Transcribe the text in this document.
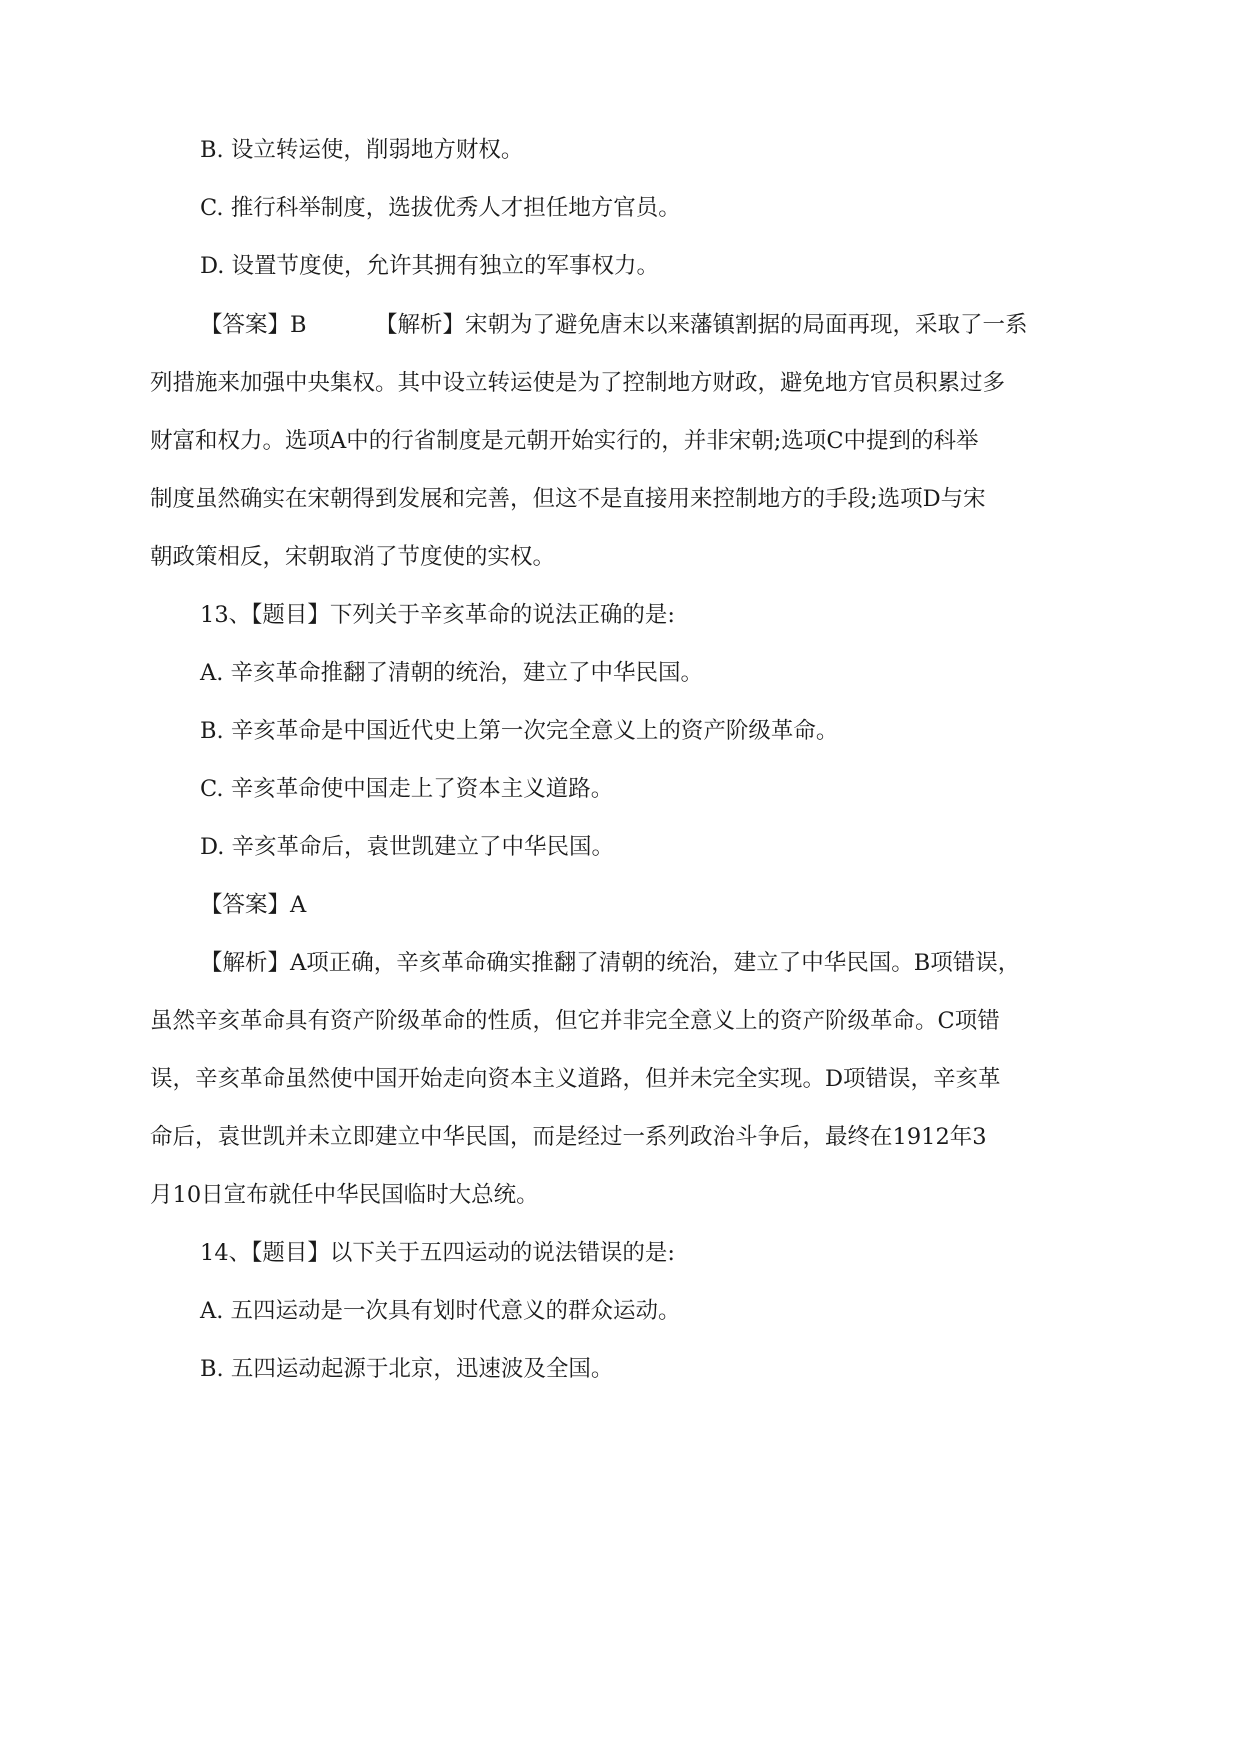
B. 设立转运使，削弱地方财权。
C. 推行科举制度，选拔优秀人才担任地方官员。
D. 设置节度使，允许其拥有独立的军事权力。
【答案】B	【解析】宋朝为了避免唐末以来藩镇割据的局面再现，采取了一系
列措施来加强中央集权。其中设立转运使是为了控制地方财政，避免地方官员积累过多
财富和权力。选项A中的行省制度是元朝开始实行的，并非宋朝;选项C中提到的科举
制度虽然确实在宋朝得到发展和完善，但这不是直接用来控制地方的手段;选项D与宋
朝政策相反，宋朝取消了节度使的实权。
13、【题目】下列关于辛亥革命的说法正确的是:
A. 辛亥革命推翻了清朝的统治，建立了中华民国。
B. 辛亥革命是中国近代史上第一次完全意义上的资产阶级革命。
C. 辛亥革命使中国走上了资本主义道路。
D. 辛亥革命后，袁世凯建立了中华民国。
【答案】A
【解析】A项正确，辛亥革命确实推翻了清朝的统治，建立了中华民国。B项错误，
虽然辛亥革命具有资产阶级革命的性质，但它并非完全意义上的资产阶级革命。C项错
误，辛亥革命虽然使中国开始走向资本主义道路，但并未完全实现。D项错误，辛亥革
命后，袁世凯并未立即建立中华民国，而是经过一系列政治斗争后，最终在1912年3
月10日宣布就任中华民国临时大总统。
14、【题目】以下关于五四运动的说法错误的是:
A. 五四运动是一次具有划时代意义的群众运动。
B. 五四运动起源于北京，迅速波及全国。
